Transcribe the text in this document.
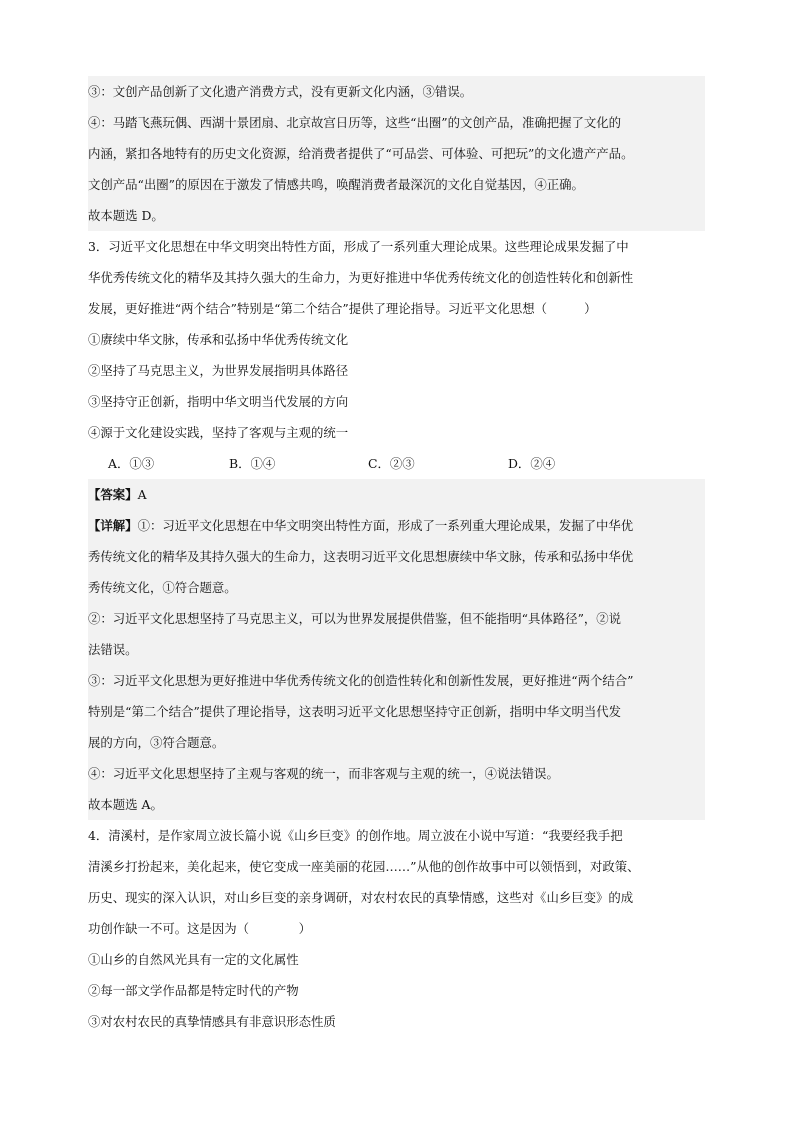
③：文创产品创新了文化遗产消费方式，没有更新文化内涵，③错误。
④：马踏飞燕玩偶、西湖十景团扇、北京故宫日历等，这些“出圈”的文创产品，准确把握了文化的
内涵，紧扣各地特有的历史文化资源，给消费者提供了“可品尝、可体验、可把玩”的文化遗产产品。
文创产品“出圈”的原因在于激发了情感共鸣，唤醒消费者最深沉的文化自觉基因，④正确。
故本题选 D。
3．习近平文化思想在中华文明突出特性方面，形成了一系列重大理论成果。这些理论成果发掘了中
华优秀传统文化的精华及其持久强大的生命力，为更好推进中华优秀传统文化的创造性转化和创新性
发展，更好推进“两个结合”特别是“第二个结合”提供了理论指导。习近平文化思想（　　　）
①赓续中华文脉，传承和弘扬中华优秀传统文化
②坚持了马克思主义，为世界发展指明具体路径
③坚持守正创新，指明中华文明当代发展的方向
④源于文化建设实践，坚持了客观与主观的统一
A．①③	B．①④	C．②③	D．②④
【答案】A
【详解】①：习近平文化思想在中华文明突出特性方面，形成了一系列重大理论成果，发掘了中华优
秀传统文化的精华及其持久强大的生命力，这表明习近平文化思想赓续中华文脉，传承和弘扬中华优
秀传统文化，①符合题意。
②：习近平文化思想坚持了马克思主义，可以为世界发展提供借鉴，但不能指明“具体路径”，②说
法错误。
③：习近平文化思想为更好推进中华优秀传统文化的创造性转化和创新性发展，更好推进“两个结合”
特别是“第二个结合”提供了理论指导，这表明习近平文化思想坚持守正创新，指明中华文明当代发
展的方向，③符合题意。
④：习近平文化思想坚持了主观与客观的统一，而非客观与主观的统一，④说法错误。
故本题选 A。
4．清溪村，是作家周立波长篇小说《山乡巨变》的创作地。周立波在小说中写道：“我要经我手把
清溪乡打扮起来，美化起来，使它变成一座美丽的花园……”从他的创作故事中可以领悟到，对政策、
历史、现实的深入认识，对山乡巨变的亲身调研，对农村农民的真挚情感，这些对《山乡巨变》的成
功创作缺一不可。这是因为（　　　　）
①山乡的自然风光具有一定的文化属性
②每一部文学作品都是特定时代的产物
③对农村农民的真挚情感具有非意识形态性质
